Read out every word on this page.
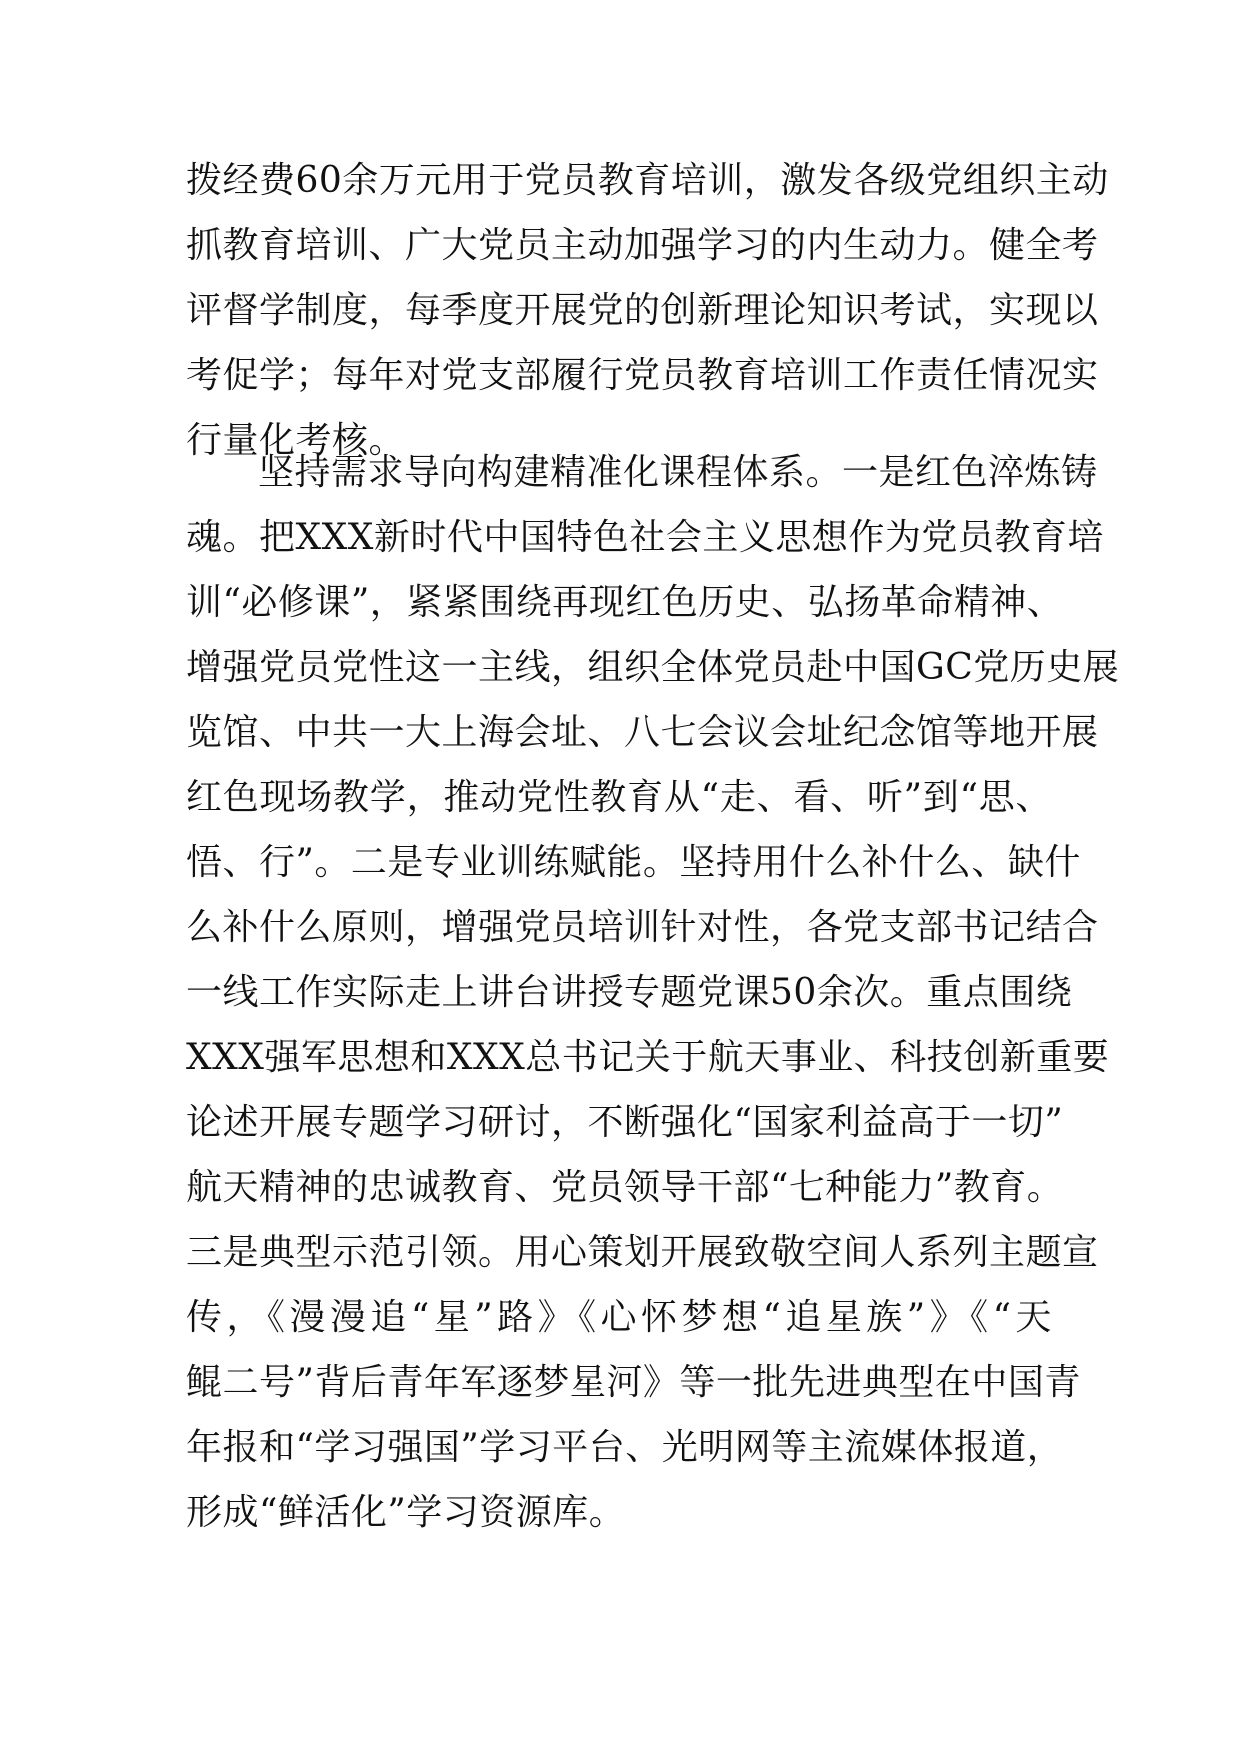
拨经费60余万元用于党员教育培训，激发各级党组织主动
抓教育培训、广大党员主动加强学习的内生动力。健全考
评督学制度，每季度开展党的创新理论知识考试，实现以
考促学；每年对党支部履行党员教育培训工作责任情况实
行量化考核。
坚持需求导向构建精准化课程体系。一是红色淬炼铸
魂。把XXX新时代中国特色社会主义思想作为党员教育培
训“必修课”，紧紧围绕再现红色历史、弘扬革命精神、
增强党员党性这一主线，组织全体党员赴中国GC党历史展
览馆、中共一大上海会址、八七会议会址纪念馆等地开展
红色现场教学，推动党性教育从“走、看、听”到“思、
悟、行”。二是专业训练赋能。坚持用什么补什么、缺什
么补什么原则，增强党员培训针对性，各党支部书记结合
一线工作实际走上讲台讲授专题党课50余次。重点围绕
XXX强军思想和XXX总书记关于航天事业、科技创新重要
论述开展专题学习研讨，不断强化“国家利益高于一切”
航天精神的忠诚教育、党员领导干部“七种能力”教育。
三是典型示范引领。用心策划开展致敬空间人系列主题宣
传，《漫漫追“星”路》《心怀梦想“追星族”》《“天
鲲二号”背后青年军逐梦星河》等一批先进典型在中国青
年报和“学习强国”学习平台、光明网等主流媒体报道，
形成“鲜活化”学习资源库。
